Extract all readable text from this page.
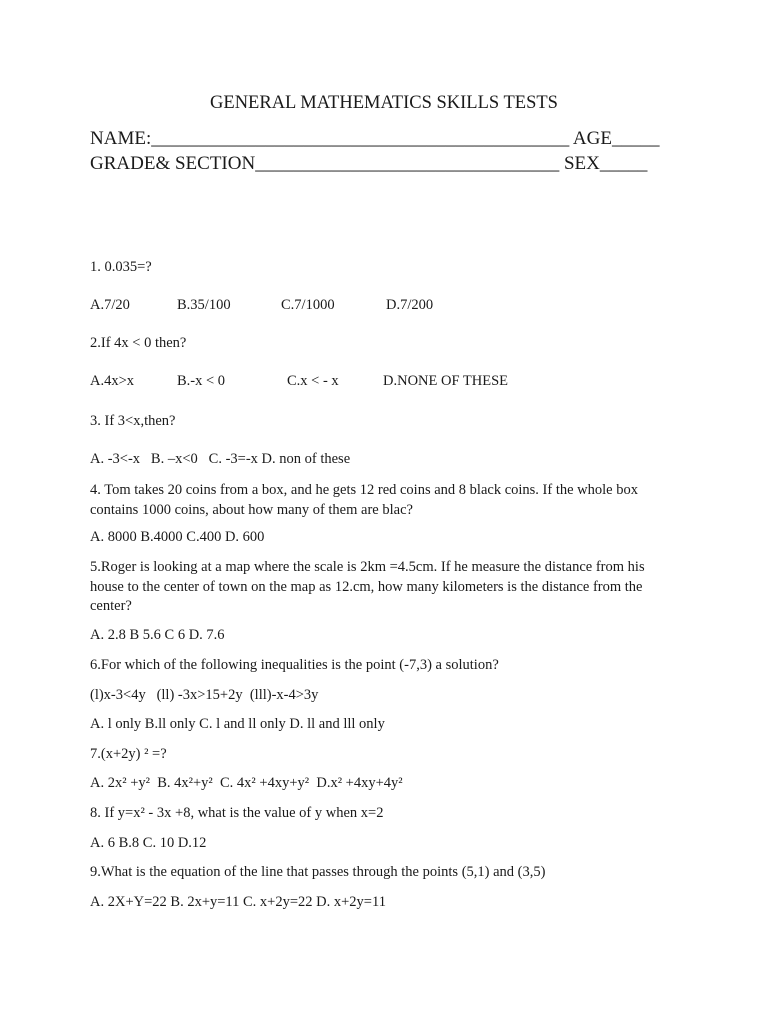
GENERAL MATHEMATICS SKILLS TESTS
NAME:____________________________________________ AGE_____
GRADE& SECTION________________________________ SEX_____
1. 0.035=?
A.7/20	B.35/100	C.7/1000	D.7/200
2.If 4x < 0 then?
A.4x>x	B.-x < 0	C.x < - x	D.NONE OF THESE
3. If 3<x,then?
A. -3<-x   B. –x<0   C. -3=-x D. non of these
4. Tom takes 20 coins from a box, and he gets 12 red coins and 8 black coins. If the whole box contains 1000 coins, about how many of them are blac?
A. 8000 B.4000 C.400 D. 600
5.Roger is looking at a map where the scale is 2km =4.5cm. If he measure the distance from his house to the center of town on the map as 12.cm, how many kilometers is the distance from the center?
A. 2.8 B 5.6 C 6 D. 7.6
6.For which of the following inequalities is the point (-7,3) a solution?
(l)x-3<4y   (ll) -3x>15+2y  (lll)-x-4>3y
A. l only B.ll only C. l and ll only D. ll and lll only
7.(x+2y) ² =?
A. 2x² +y²  B. 4x²+y²  C. 4x² +4xy+y²  D.x² +4xy+4y²
8. If y=x² - 3x +8, what is the value of y when x=2
A. 6 B.8 C. 10 D.12
9.What is the equation of the line that passes through the points (5,1) and (3,5)
A. 2X+Y=22 B. 2x+y=11 C. x+2y=22 D. x+2y=11
